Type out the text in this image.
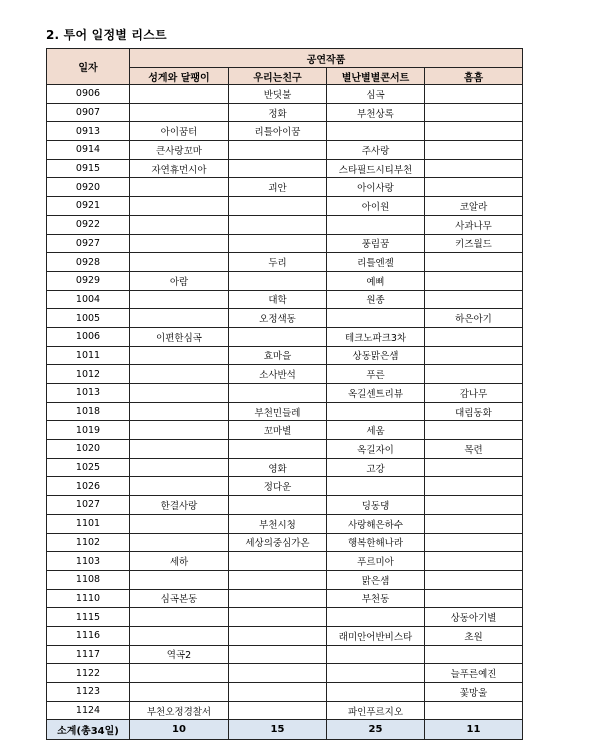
2. 투어 일정별 리스트
일자	공연작품			
	성게와 달팽이	우리는친구	별난별별콘서트	흠흠
0906		반딧불	심곡	
0907		정화	부천상록	
0913	아이꿈터	리틀아이꿈		
0914	큰사랑꼬마		주사랑	
0915	자연휴먼시아		스타필드시티부천	
0920		괴안	아이사랑	
0921			아이원	코알라
0922				사과나무
0927			풍림꿈	키즈월드
0928		두리	리틀엔젤	
0929	아람		예삐	
1004		대학	원종	
1005		오정색동		하은아기
1006	이편한심곡		테크노파크3차	
1011		효마을	상동맑은샘	
1012		소사반석	푸른	
1013			옥길센트리뷰	감나무
1018		부천민들레		대림동화
1019		꼬마별	세움	
1020			옥길자이	목련
1025		영화	고강	
1026		정다운		
1027	한결사랑		딩동댕	
1101		부천시청	사랑해은하수	
1102		세상의중심가온	행복한해나라	
1103	세하		푸르미아	
1108			맑은샘	
1110	심곡본동		부천동	
1115				상동아기별
1116			래미안어반비스타	초원
1117	역곡2			
1122				늘푸른예진
1123				꽃망울
1124	부천오정경찰서		파인푸르지오	
소계(총34일)	10	15	25	11
